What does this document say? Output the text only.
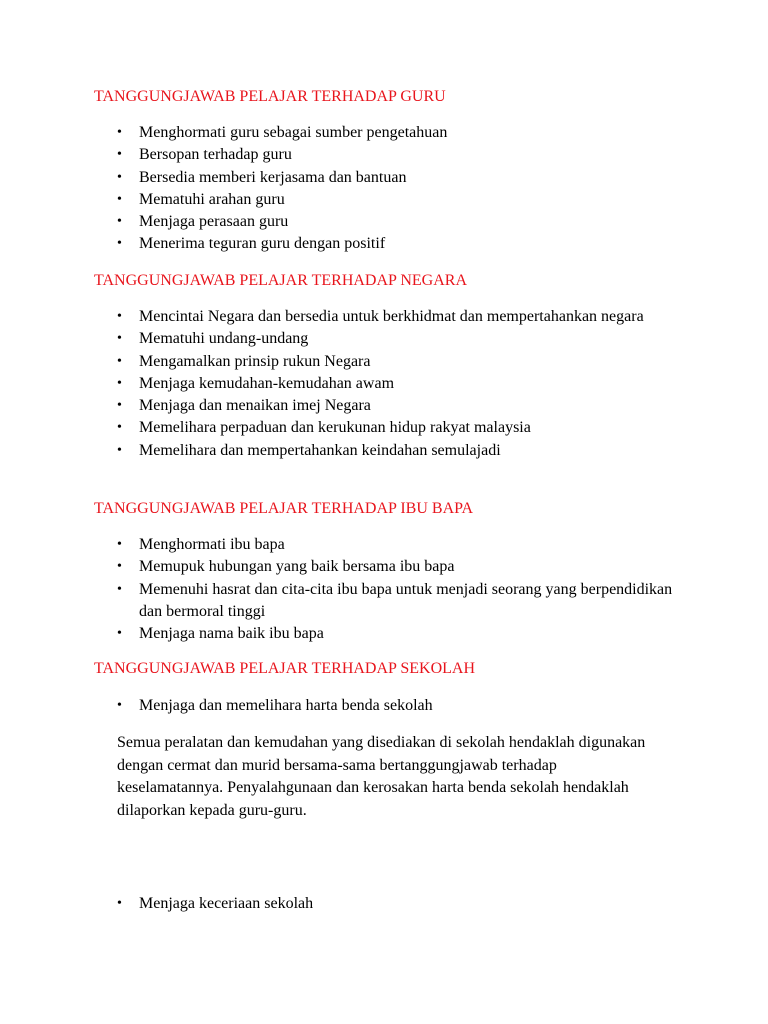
TANGGUNGJAWAB PELAJAR TERHADAP GURU
• Menghormati guru sebagai sumber pengetahuan
• Bersopan terhadap guru
• Bersedia memberi kerjasama dan bantuan
• Mematuhi arahan guru
• Menjaga perasaan guru
• Menerima teguran guru dengan positif
TANGGUNGJAWAB PELAJAR TERHADAP NEGARA
• Mencintai Negara dan bersedia untuk berkhidmat dan mempertahankan negara
• Mematuhi undang-undang
• Mengamalkan prinsip rukun Negara
• Menjaga kemudahan-kemudahan awam
• Menjaga dan menaikan imej Negara
• Memelihara perpaduan dan kerukunan hidup rakyat malaysia
• Memelihara dan mempertahankan keindahan semulajadi
TANGGUNGJAWAB PELAJAR TERHADAP IBU BAPA
• Menghormati ibu bapa
• Memupuk hubungan yang baik bersama ibu bapa
• Memenuhi hasrat dan cita-cita ibu bapa untuk menjadi seorang yang berpendidikan dan bermoral tinggi
• Menjaga nama baik ibu bapa
TANGGUNGJAWAB PELAJAR TERHADAP SEKOLAH
• Menjaga dan memelihara harta benda sekolah

Semua peralatan dan kemudahan yang disediakan di sekolah hendaklah digunakan dengan cermat dan murid bersama-sama bertanggungjawab terhadap keselamatannya. Penyalahgunaan dan kerosakan harta benda sekolah hendaklah dilaporkan kepada guru-guru.

• Menjaga keceriaan sekolah
